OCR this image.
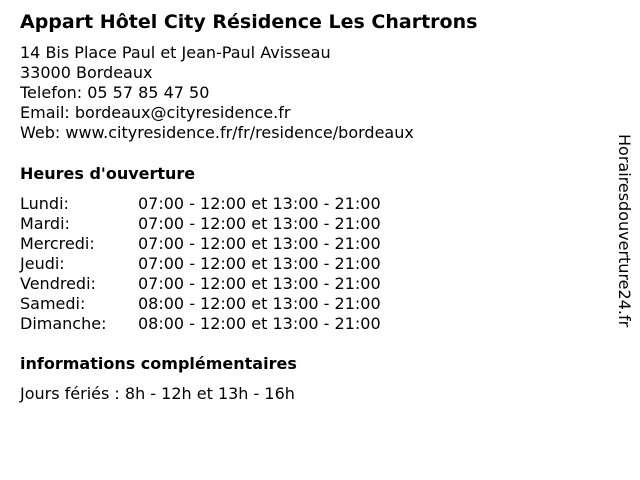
Appart Hôtel City Résidence Les Chartrons
14 Bis Place Paul et Jean-Paul Avisseau
33000 Bordeaux
Telefon: 05 57 85 47 50
Email: bordeaux@cityresidence.fr
Web: www.cityresidence.fr/fr/residence/bordeaux
Heures d'ouverture
Lundi:	07:00 - 12:00 et 13:00 - 21:00
Mardi:	07:00 - 12:00 et 13:00 - 21:00
Mercredi:	07:00 - 12:00 et 13:00 - 21:00
Jeudi:	07:00 - 12:00 et 13:00 - 21:00
Vendredi:	07:00 - 12:00 et 13:00 - 21:00
Samedi:	08:00 - 12:00 et 13:00 - 21:00
Dimanche: 08:00 - 12:00 et 13:00 - 21:00
informations complémentaires
Jours fériés : 8h - 12h et 13h - 16h
Horairesdouverture24.fr
